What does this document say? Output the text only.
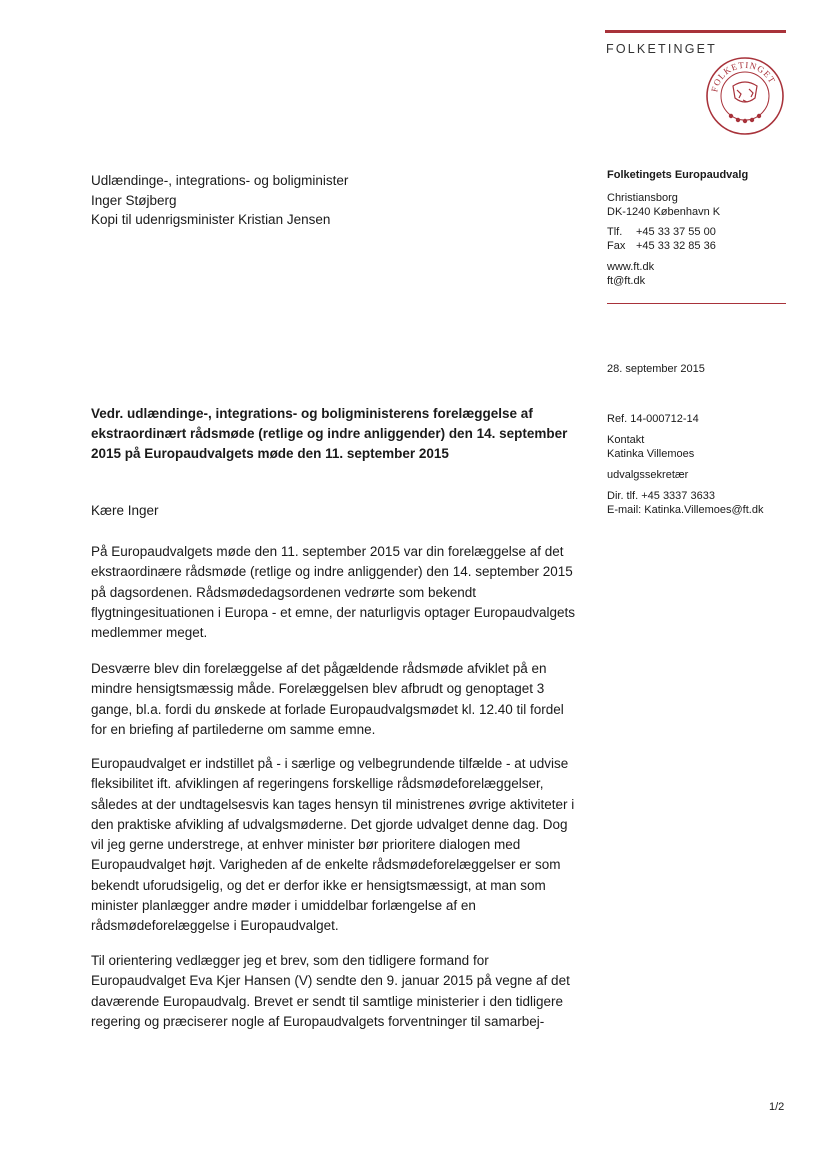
FOLKETINGET
FOLKETINGET
Udlændinge-, integrations- og boligminister
Inger Støjberg
Kopi til udenrigsminister Kristian Jensen
Folketingets Europaudvalg
Christiansborg
DK-1240 København K
Tlf. +45 33 37 55 00
Fax +45 33 32 85 36
www.ft.dk
ft@ft.dk
28. september 2015
Ref. 14-000712-14
Kontakt
Katinka Villemoes
udvalgssekretær
Dir. tlf. +45 3337 3633
E-mail: Katinka.Villemoes@ft.dk
Vedr. udlændinge-, integrations- og boligministerens forelæggelse af ekstraordinært rådsmøde (retlige og indre anliggender) den 14. september 2015 på Europaudvalgets møde den 11. september 2015
Kære Inger

På Europaudvalgets møde den 11. september 2015 var din forelæggelse af det ekstraordinære rådsmøde (retlige og indre anliggender) den 14. september 2015 på dagsordenen. Rådsmødedagsordenen vedrørte som bekendt flygtningesituationen i Europa - et emne, der naturligvis optager Europaudvalgets medlemmer meget.

Desværre blev din forelæggelse af det pågældende rådsmøde afviklet på en mindre hensigtsmæssig måde. Forelæggelsen blev afbrudt og genoptaget 3 gange, bl.a. fordi du ønskede at forlade Europaudvalgsmødet kl. 12.40 til fordel for en briefing af partilederne om samme emne.

Europaudvalget er indstillet på - i særlige og velbegrundende tilfælde - at udvise fleksibilitet ift. afviklingen af regeringens forskellige rådsmødeforelæggelser, således at der undtagelsesvis kan tages hensyn til ministrenes øvrige aktiviteter i den praktiske afvikling af udvalgsmøderne. Det gjorde udvalget denne dag. Dog vil jeg gerne understrege, at enhver minister bør prioritere dialogen med Europaudvalget højt. Varigheden af de enkelte rådsmødeforelæggelser er som bekendt uforudsigelig, og det er derfor ikke er hensigtsmæssigt, at man som minister planlægger andre møder i umiddelbar forlængelse af en rådsmødeforelæggelse i Europaudvalget.

Til orientering vedlægger jeg et brev, som den tidligere formand for Europaudvalget Eva Kjer Hansen (V) sendte den 9. januar 2015 på vegne af det daværende Europaudvalg. Brevet er sendt til samtlige ministerier i den tidligere regering og præciserer nogle af Europaudvalgets forventninger til samarbej-

1/2
